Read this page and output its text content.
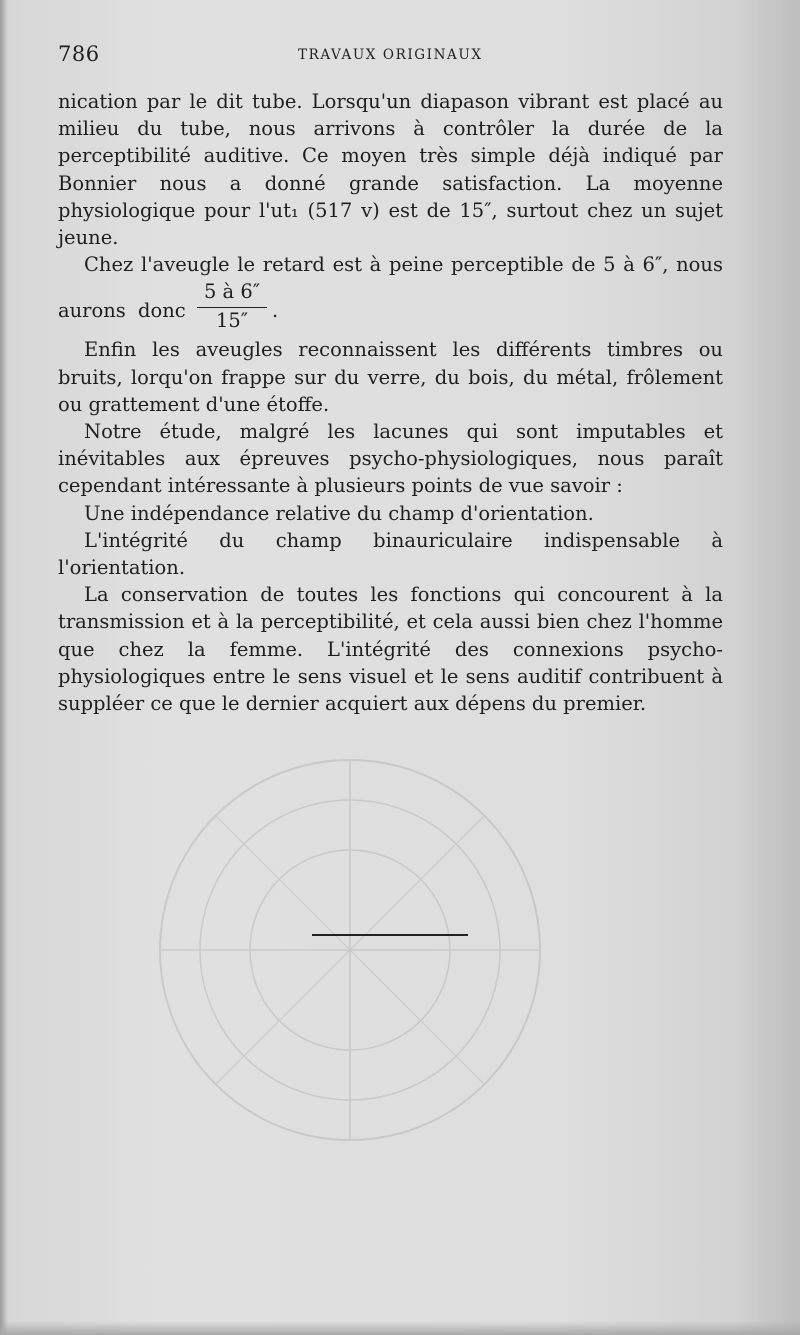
786	TRAVAUX ORIGINAUX

nication par le dit tube. Lorsqu'un diapason vibrant est placé au milieu du tube, nous arrivons à contrôler la durée de la perceptibilité auditive. Ce moyen très simple déjà indiqué par Bonnier nous a donné grande satisfaction. La moyenne physiologique pour l'ut₁ (517 v) est de 15″, surtout chez un sujet jeune.

Chez l'aveugle le retard est à peine perceptible de 5 à 6″, nous

aurons donc
5 à 6″
15″	.

Enfin les aveugles reconnaissent les différents timbres ou bruits, lorqu'on frappe sur du verre, du bois, du métal, frôlement ou grattement d'une étoffe.

Notre étude, malgré les lacunes qui sont imputables et inévitables aux épreuves psycho-physiologiques, nous paraît cependant intéressante à plusieurs points de vue savoir :

Une indépendance relative du champ d'orientation.

L'intégrité du champ binauriculaire indispensable à l'orientation.

La conservation de toutes les fonctions qui concourent à la transmission et à la perceptibilité, et cela aussi bien chez l'homme que chez la femme. L'intégrité des connexions psycho-physiologiques entre le sens visuel et le sens auditif contribuent à suppléer ce que le dernier acquiert aux dépens du premier.
